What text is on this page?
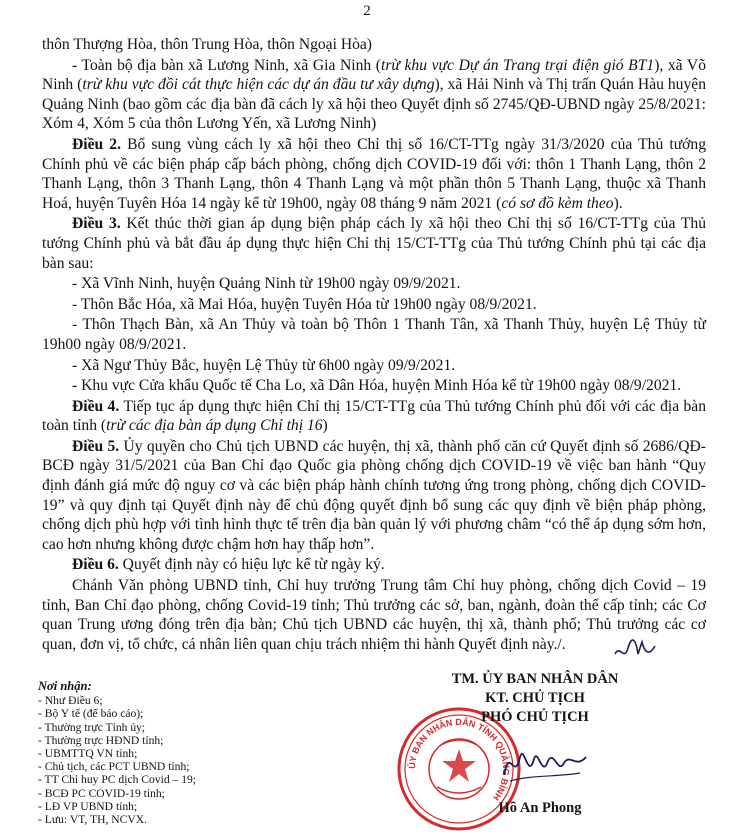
2

thôn Thượng Hòa, thôn Trung Hòa, thôn Ngoại Hòa)

- Toàn bộ địa bàn xã Lương Ninh, xã Gia Ninh (trừ khu vực Dự án Trang trại điện gió BT1), xã Võ Ninh (trừ khu vực đồi cát thực hiện các dự án đầu tư xây dựng), xã Hải Ninh và Thị trấn Quán Hàu huyện Quảng Ninh (bao gồm các địa bàn đã cách ly xã hội theo Quyết định số 2745/QĐ-UBND ngày 25/8/2021: Xóm 4, Xóm 5 của thôn Lương Yến, xã Lương Ninh)

Điều 2. Bổ sung vùng cách ly xã hội theo Chỉ thị số 16/CT-TTg ngày 31/3/2020 của Thủ tướng Chính phủ về các biện pháp cấp bách phòng, chống dịch COVID-19 đối với: thôn 1 Thanh Lạng, thôn 2 Thanh Lạng, thôn 3 Thanh Lạng, thôn 4 Thanh Lạng và một phần thôn 5 Thanh Lạng, thuộc xã Thanh Hoá, huyện Tuyên Hóa 14 ngày kể từ 19h00, ngày 08 tháng 9 năm 2021 (có sơ đồ kèm theo).

Điều 3. Kết thúc thời gian áp dụng biện pháp cách ly xã hội theo Chỉ thị số 16/CT-TTg của Thủ tướng Chính phủ và bắt đầu áp dụng thực hiện Chỉ thị 15/CT-TTg của Thủ tướng Chính phủ tại các địa bàn sau:

- Xã Vĩnh Ninh, huyện Quảng Ninh từ 19h00 ngày 09/9/2021.

- Thôn Bắc Hóa, xã Mai Hóa, huyện Tuyên Hóa từ 19h00 ngày 08/9/2021.

- Thôn Thạch Bàn, xã An Thủy và toàn bộ Thôn 1 Thanh Tân, xã Thanh Thủy, huyện Lệ Thủy từ 19h00 ngày 08/9/2021.

- Xã Ngư Thủy Bắc, huyện Lệ Thủy từ 6h00 ngày 09/9/2021.

- Khu vực Cửa khẩu Quốc tế Cha Lo, xã Dân Hóa, huyện Minh Hóa kể từ 19h00 ngày 08/9/2021.

Điều 4. Tiếp tục áp dụng thực hiện Chỉ thị 15/CT-TTg của Thủ tướng Chính phủ đối với các địa bàn toàn tỉnh (trừ các địa bàn áp dụng Chỉ thị 16)

Điều 5. Ủy quyền cho Chủ tịch UBND các huyện, thị xã, thành phố căn cứ Quyết định số 2686/QĐ-BCĐ ngày 31/5/2021 của Ban Chỉ đạo Quốc gia phòng chống dịch COVID-19 về việc ban hành “Quy định đánh giá mức độ nguy cơ và các biện pháp hành chính tương ứng trong phòng, chống dịch COVID-19” và quy định tại Quyết định này để chủ động quyết định bổ sung các quy định về biện pháp phòng, chống dịch phù hợp với tình hình thực tế trên địa bàn quản lý với phương châm “có thể áp dụng sớm hơn, cao hơn nhưng không được chậm hơn hay thấp hơn”.

Điều 6. Quyết định này có hiệu lực kể từ ngày ký.

Chánh Văn phòng UBND tỉnh, Chỉ huy trưởng Trung tâm Chỉ huy phòng, chống dịch Covid – 19 tỉnh, Ban Chỉ đạo phòng, chống Covid-19 tỉnh; Thủ trưởng các sở, ban, ngành, đoàn thể cấp tỉnh; các Cơ quan Trung ương đóng trên địa bàn; Chủ tịch UBND các huyện, thị xã, thành phố; Thủ trưởng các cơ quan, đơn vị, tổ chức, cá nhân liên quan chịu trách nhiệm thi hành Quyết định này./.

Nơi nhận:
- Như Điều 6;
- Bộ Y tế (để báo cáo);
- Thường trực Tỉnh ủy;
- Thường trực HĐND tỉnh;
- UBMTTQ VN tỉnh;
- Chủ tịch, các PCT UBND tỉnh;
- TT Chỉ huy PC dịch Covid – 19;
- BCĐ PC COVID-19 tỉnh;
- LĐ VP UBND tỉnh;
- Lưu: VT, TH, NCVX.
ỦY BAN NHÂN DÂN TỈNH QUẢNG BÌNH
TM. ỦY BAN NHÂN DÂN
KT. CHỦ TỊCH
PHÓ CHỦ TỊCH
Hồ An Phong
